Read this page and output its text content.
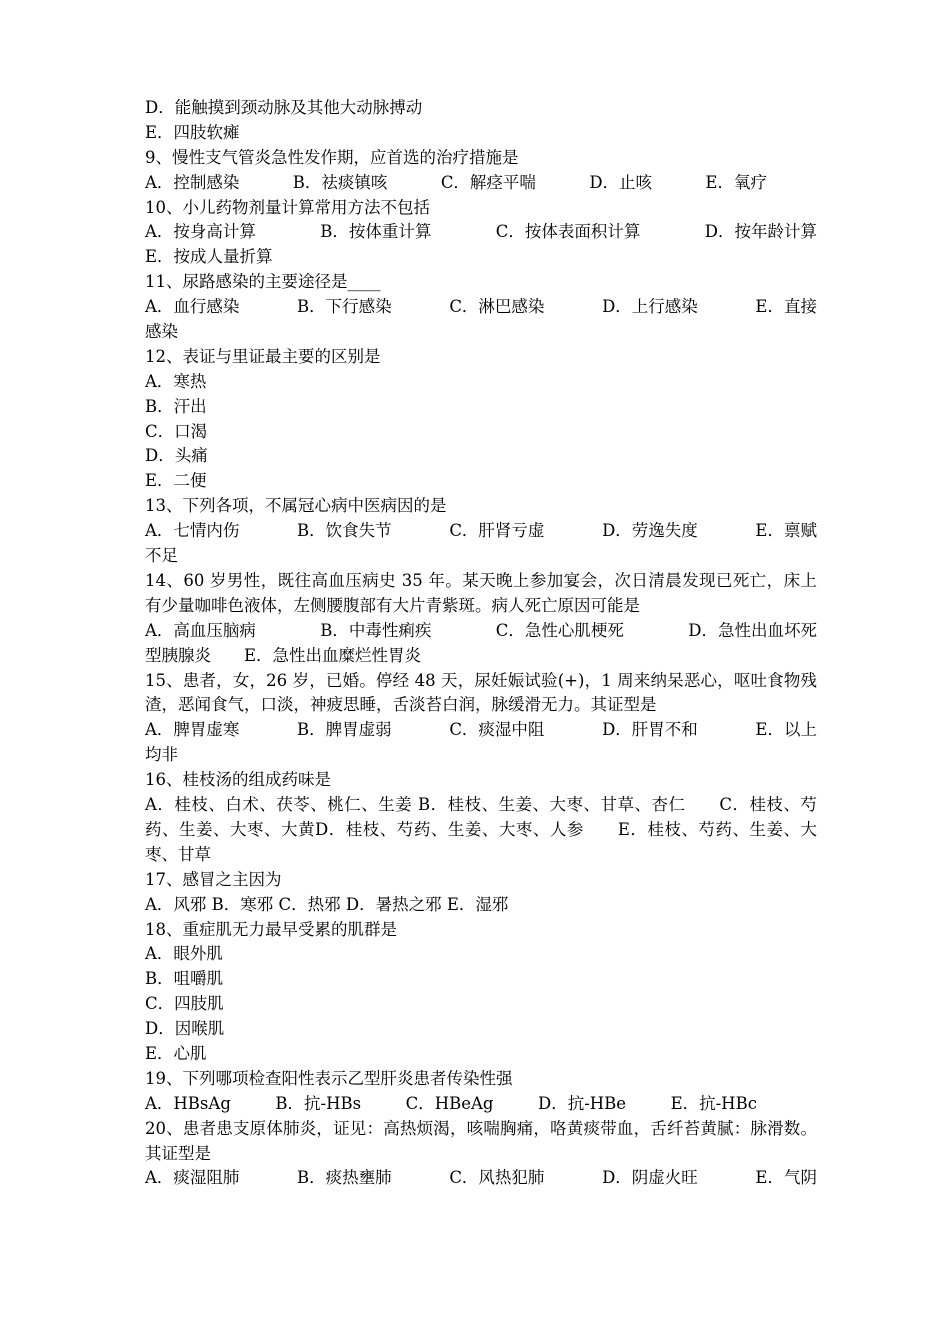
D．能触摸到颈动脉及其他大动脉搏动
E．四肢软瘫
9、慢性支气管炎急性发作期，应首选的治疗措施是
A．控制感染	B．祛痰镇咳	C．解痉平喘	D．止咳	E．氧疗
10、小儿药物剂量计算常用方法不包括
A．按身高计算	B．按体重计算	C．按体表面积计算	D．按年龄计算
E．按成人量折算
11、尿路感染的主要途径是____
A．血行感染	B．下行感染	C．淋巴感染	D．上行感染	E．直接
感染
12、表证与里证最主要的区别是
A．寒热
B．汗出
C．口渴
D．头痛
E．二便
13、下列各项，不属冠心病中医病因的是
A．七情内伤	B．饮食失节	C．肝肾亏虚	D．劳逸失度	E．禀赋
不足
14、60 岁男性，既往高血压病史 35 年。某天晚上参加宴会，次日清晨发现已死亡，床上有少量咖啡色液体，左侧腰腹部有大片青紫斑。病人死亡原因可能是
A．高血压脑病	B．中毒性痢疾	C．急性心肌梗死	D．急性出血坏死
型胰腺炎　　E．急性出血糜烂性胃炎
15、患者，女，26 岁，已婚。停经 48 天，尿妊娠试验(+)，1 周来纳呆恶心，呕吐食物残渣，恶闻食气，口淡，神疲思睡，舌淡苔白润，脉缓滑无力。其证型是
A．脾胃虚寒	B．脾胃虚弱	C．痰湿中阻	D．肝胃不和	E．以上
均非
16、桂枝汤的组成药味是
A．桂枝、白术、茯苓、桃仁、生姜 B．桂枝、生姜、大枣、甘草、杏仁　　C．桂枝、芍药、生姜、大枣、大黄D．桂枝、芍药、生姜、大枣、人参　　E．桂枝、芍药、生姜、大枣、甘草
17、感冒之主因为
A．风邪 B．寒邪 C．热邪 D．暑热之邪 E．湿邪
18、重症肌无力最早受累的肌群是
A．眼外肌
B．咀嚼肌
C．四肢肌
D．因喉肌
E．心肌
19、下列哪项检查阳性表示乙型肝炎患者传染性强
A．HBsAg	B．抗-HBs	C．HBeAg	D．抗-HBe	E．抗-HBc
20、患者患支原体肺炎，证见：高热烦渴，咳喘胸痛，咯黄痰带血，舌纤苔黄腻：脉滑数。其证型是
A．痰湿阻肺	B．痰热壅肺	C．风热犯肺	D．阴虚火旺	E．气阴
